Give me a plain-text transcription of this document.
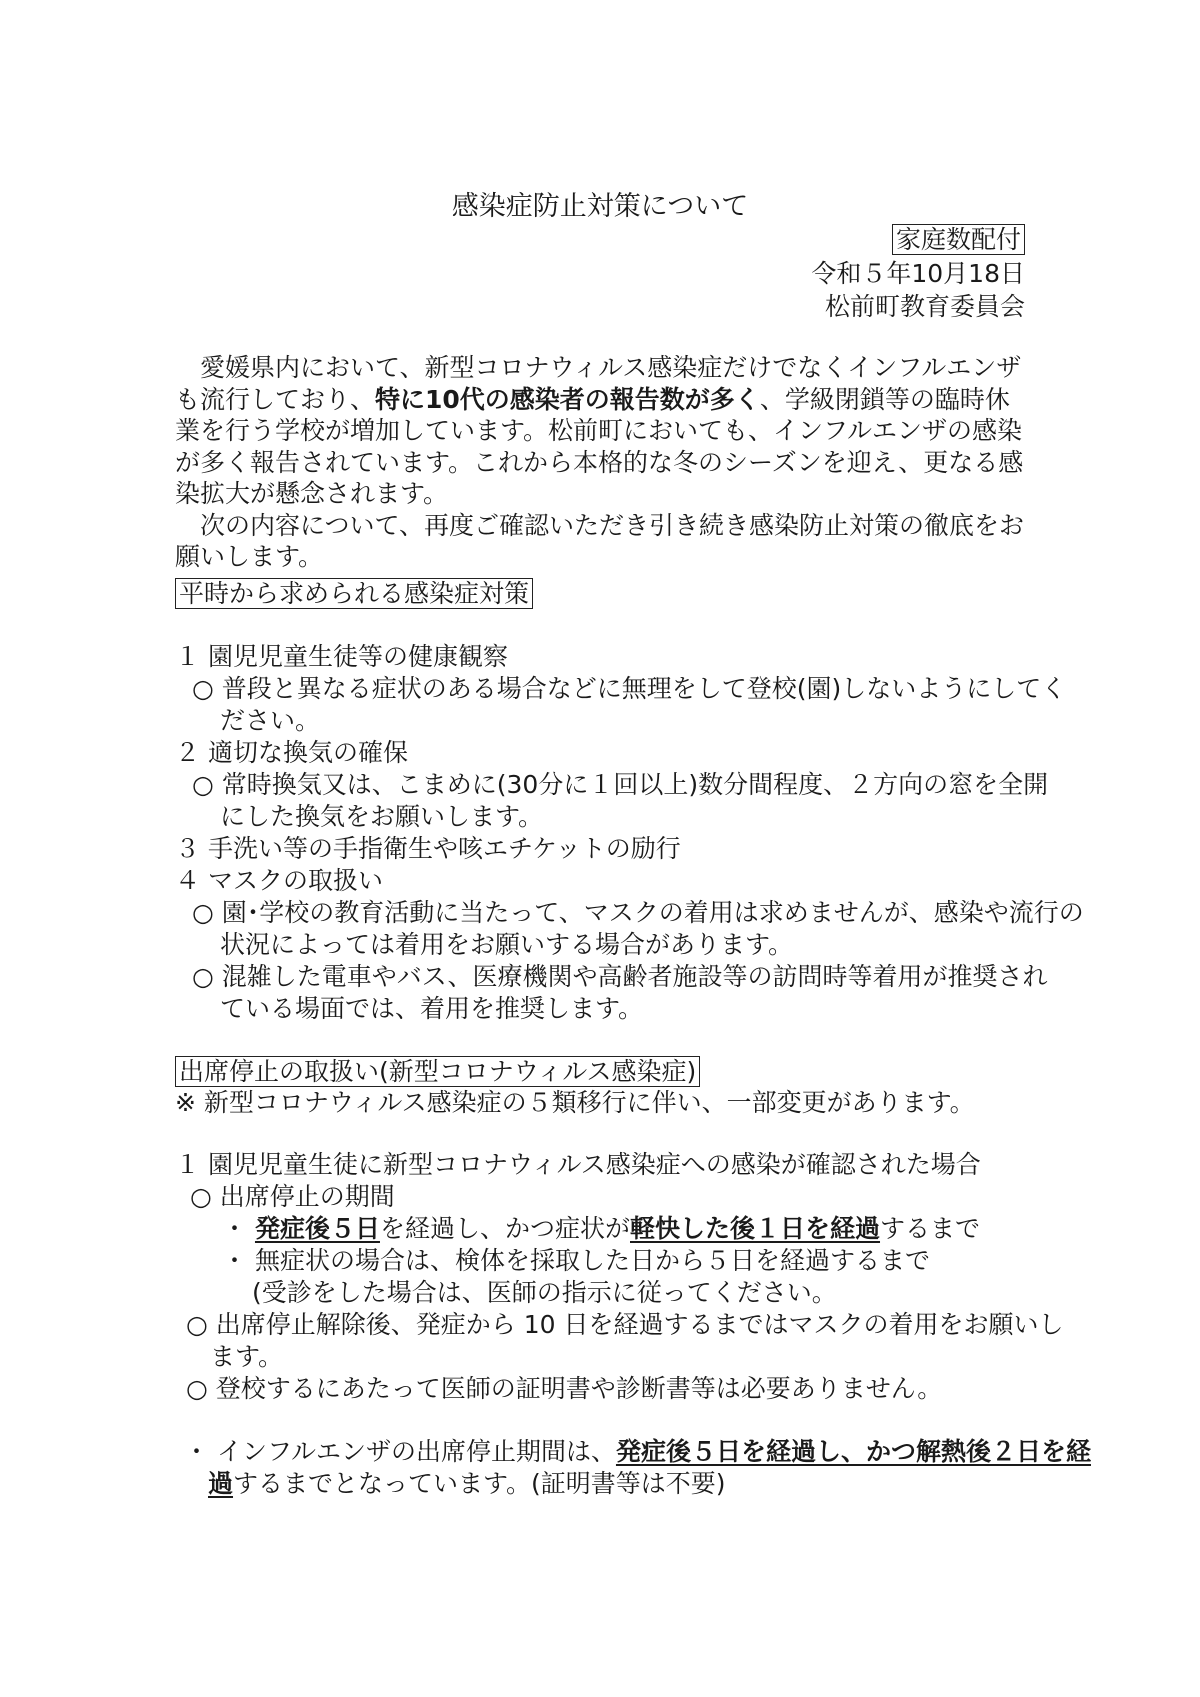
感染症防止対策について
家庭数配付
令和５年10月18日
松前町教育委員会

愛媛県内において、新型コロナウィルス感染症だけでなくインフルエンザも流行しており、特に10代の感染者の報告数が多く、学級閉鎖等の臨時休業を行う学校が増加しています。松前町においても、インフルエンザの感染が多く報告されています。これから本格的な冬のシーズンを迎え、更なる感染拡大が懸念されます。

次の内容について、再度ご確認いただき引き続き感染防止対策の徹底をお願いします。

平時から求められる感染症対策
１ 園児児童生徒等の健康観察
○ 普段と異なる症状のある場合などに無理をして登校(園)しないようにしてく
ださい。
２ 適切な換気の確保
○ 常時換気又は、こまめに(30分に１回以上)数分間程度、２方向の窓を全開
にした換気をお願いします。
３ 手洗い等の手指衛生や咳エチケットの励行
４ マスクの取扱い
○ 園･学校の教育活動に当たって、マスクの着用は求めませんが、感染や流行の
状況によっては着用をお願いする場合があります。
○ 混雑した電車やバス、医療機関や高齢者施設等の訪問時等着用が推奨され
ている場面では、着用を推奨します。
出席停止の取扱い(新型コロナウィルス感染症)
※ 新型コロナウィルス感染症の５類移行に伴い、一部変更があります。
１ 園児児童生徒に新型コロナウィルス感染症への感染が確認された場合
○ 出席停止の期間
・ 発症後５日を経過し、かつ症状が軽快した後１日を経過するまで
・ 無症状の場合は、検体を採取した日から５日を経過するまで
(受診をした場合は、医師の指示に従ってください。
○ 出席停止解除後、発症から 10 日を経過するまではマスクの着用をお願いし
ます。
○ 登校するにあたって医師の証明書や診断書等は必要ありません。
・ インフルエンザの出席停止期間は、発症後５日を経過し、かつ解熱後２日を経
過するまでとなっています。(証明書等は不要)
